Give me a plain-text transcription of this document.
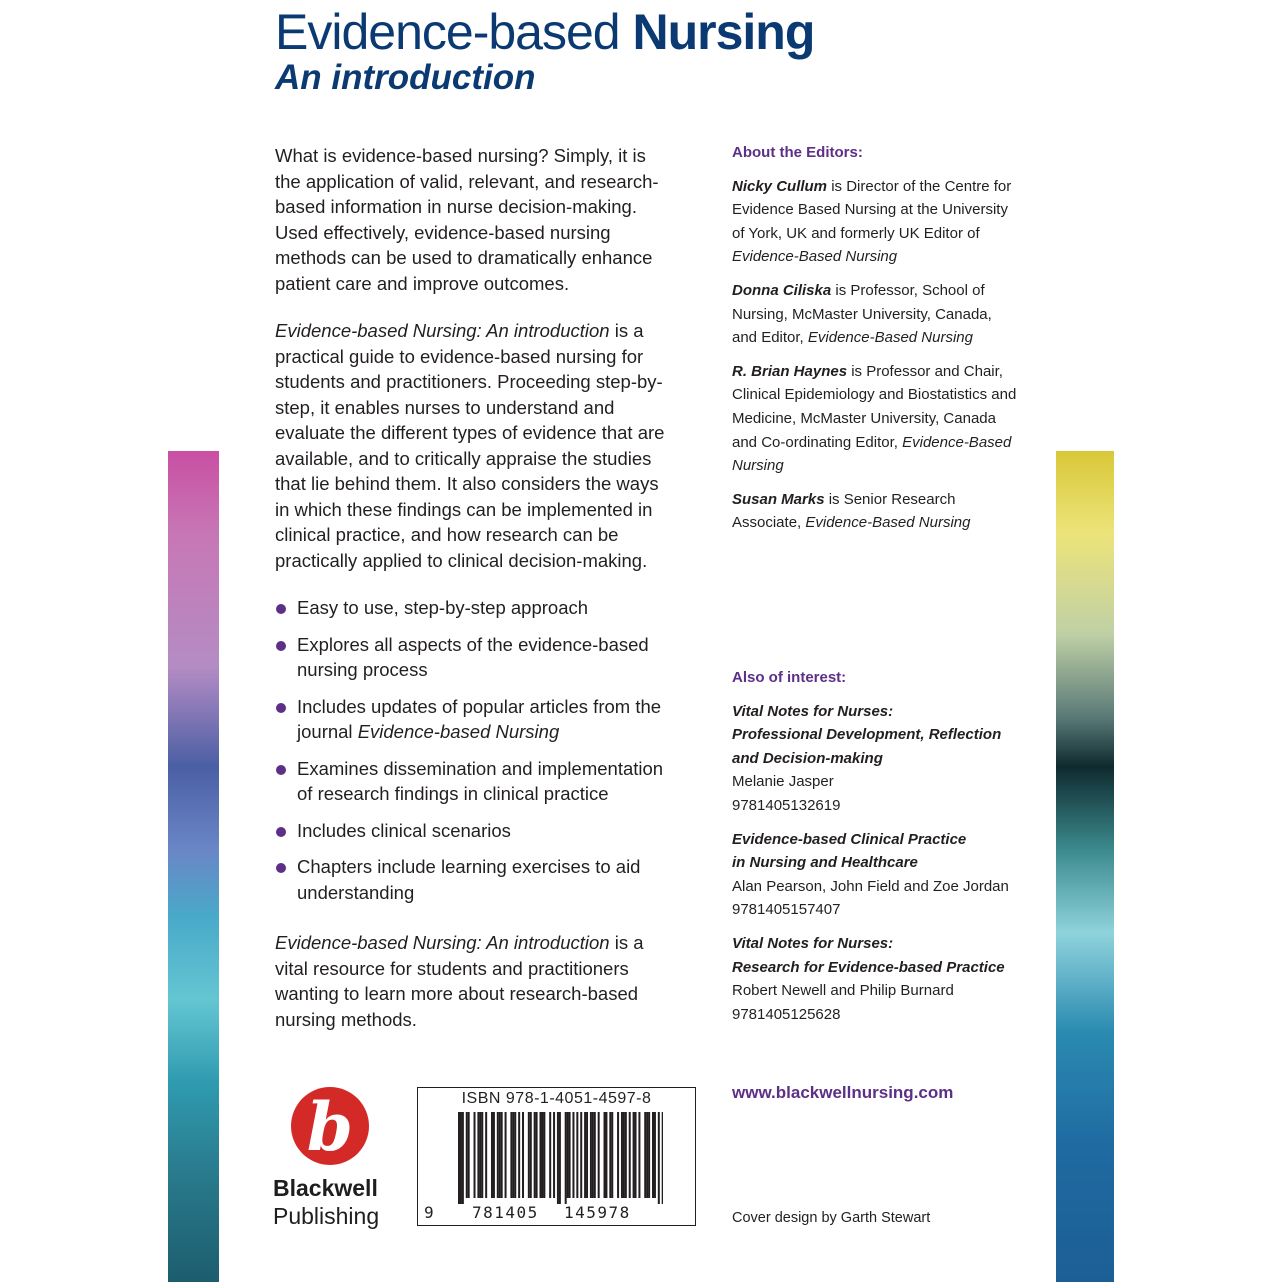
Evidence-based Nursing
An introduction

What is evidence-based nursing? Simply, it is the application of valid, relevant, and research-based information in nurse decision-making. Used effectively, evidence-based nursing methods can be used to dramatically enhance patient care and improve outcomes.

Evidence-based Nursing: An introduction is a practical guide to evidence-based nursing for students and practitioners. Proceeding step-by-step, it enables nurses to understand and evaluate the different types of evidence that are available, and to critically appraise the studies that lie behind them. It also considers the ways in which these findings can be implemented in clinical practice, and how research can be practically applied to clinical decision-making.

Easy to use, step-by-step approach
Explores all aspects of the evidence-based nursing process
Includes updates of popular articles from the journal Evidence-based Nursing
Examines dissemination and implementation of research findings in clinical practice
Includes clinical scenarios
Chapters include learning exercises to aid understanding

Evidence-based Nursing: An introduction is a vital resource for students and practitioners wanting to learn more about research-based nursing methods.

About the Editors:

Nicky Cullum is Director of the Centre for Evidence Based Nursing at the University of York, UK and formerly UK Editor of Evidence-Based Nursing

Donna Ciliska is Professor, School of Nursing, McMaster University, Canada, and Editor, Evidence-Based Nursing

R. Brian Haynes is Professor and Chair, Clinical Epidemiology and Biostatistics and Medicine, McMaster University, Canada and Co-ordinating Editor, Evidence-Based Nursing

Susan Marks is Senior Research Associate, Evidence-Based Nursing

Also of interest:

Vital Notes for Nurses:
Professional Development, Reflection and Decision-making
Melanie Jasper
9781405132619

Evidence-based Clinical Practice
in Nursing and Healthcare
Alan Pearson, John Field and Zoe Jordan
9781405157407

Vital Notes for Nurses:
Research for Evidence-based Practice
Robert Newell and Philip Burnard
9781405125628

www.blackwellnursing.com
Cover design by Garth Stewart
b
Blackwell
Publishing
ISBN 978-1-4051-4597-8
9 781405 145978
